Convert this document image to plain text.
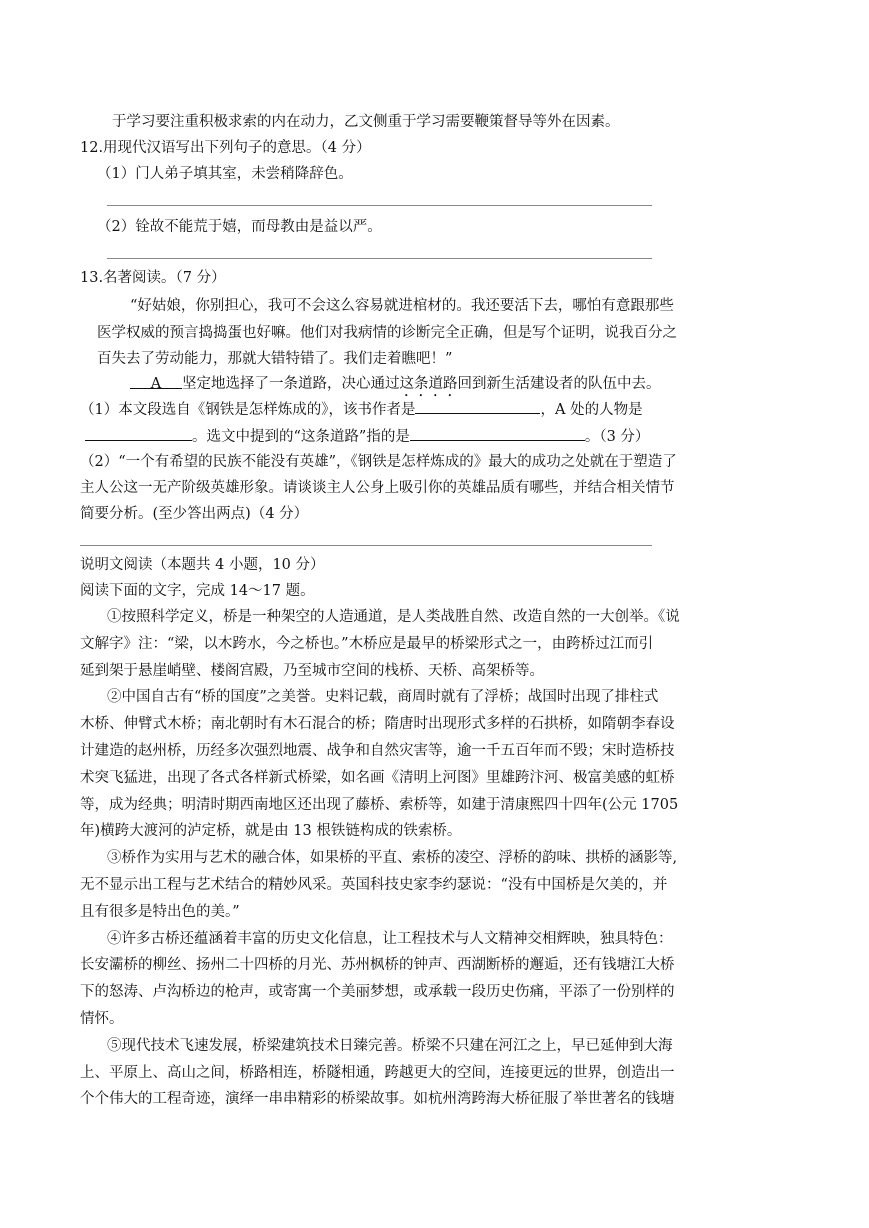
于学习要注重积极求索的内在动力，乙文侧重于学习需要鞭策督导等外在因素。
12.用现代汉语写出下列句子的意思。（4 分）
（1）门人弟子填其室，未尝稍降辞色。
（2）铨故不能荒于嬉，而母教由是益以严。
13.名著阅读。（7 分）
“好姑娘，你别担心，我可不会这么容易就进棺材的。我还要活下去，哪怕有意跟那些
医学权威的预言捣捣蛋也好嘛。他们对我病情的诊断完全正确，但是写个证明，说我百分之
百失去了劳动能力，那就大错特错了。我们走着瞧吧！”
A 坚定地选择了一条道路，决心通过这条道路回到新生活建设者的队伍中去。
（1）本文段选自《钢铁是怎样炼成的》，该书作者是	，A 处的人物是
。选文中提到的“这条道路”指的是	。（3 分）
（2）“一个有希望的民族不能没有英雄”，《钢铁是怎样炼成的》最大的成功之处就在于塑造了
主人公这一无产阶级英雄形象。请谈谈主人公身上吸引你的英雄品质有哪些，并结合相关情节
简要分析。(至少答出两点)（4 分）
说明文阅读（本题共 4 小题，10 分）
阅读下面的文字，完成 14～17 题。
①按照科学定义，桥是一种架空的人造通道，是人类战胜自然、改造自然的一大创举。《说
文解字》注：“梁，以木跨水，今之桥也。”木桥应是最早的桥梁形式之一，由跨桥过江而引
延到架于悬崖峭壁、楼阁宫殿，乃至城市空间的栈桥、天桥、高架桥等。
②中国自古有“桥的国度”之美誉。史料记载，商周时就有了浮桥；战国时出现了排柱式
木桥、伸臂式木桥；南北朝时有木石混合的桥；隋唐时出现形式多样的石拱桥，如隋朝李春设
计建造的赵州桥，历经多次强烈地震、战争和自然灾害等，逾一千五百年而不毁；宋时造桥技
术突飞猛进，出现了各式各样新式桥梁，如名画《清明上河图》里雄跨汴河、极富美感的虹桥
等，成为经典；明清时期西南地区还出现了藤桥、索桥等，如建于清康熙四十四年(公元 1705
年)横跨大渡河的泸定桥，就是由 13 根铁链构成的铁索桥。
③桥作为实用与艺术的融合体，如果桥的平直、索桥的凌空、浮桥的韵味、拱桥的涵影等,
无不显示出工程与艺术结合的精妙风采。英国科技史家李约瑟说：“没有中国桥是欠美的，并
且有很多是特出色的美。”
④许多古桥还蕴涵着丰富的历史文化信息，让工程技术与人文精神交相辉映，独具特色：
长安灞桥的柳丝、扬州二十四桥的月光、苏州枫桥的钟声、西湖断桥的邂逅，还有钱塘江大桥
下的怒涛、卢沟桥边的枪声，或寄寓一个美丽梦想，或承载一段历史伤痛，平添了一份别样的
情怀。
⑤现代技术飞速发展，桥梁建筑技术日臻完善。桥梁不只建在河江之上，早已延伸到大海
上、平原上、高山之间，桥路相连，桥隧相通，跨越更大的空间，连接更远的世界，创造出一
个个伟大的工程奇迹，演绎一串串精彩的桥梁故事。如杭州湾跨海大桥征服了举世著名的钱塘
